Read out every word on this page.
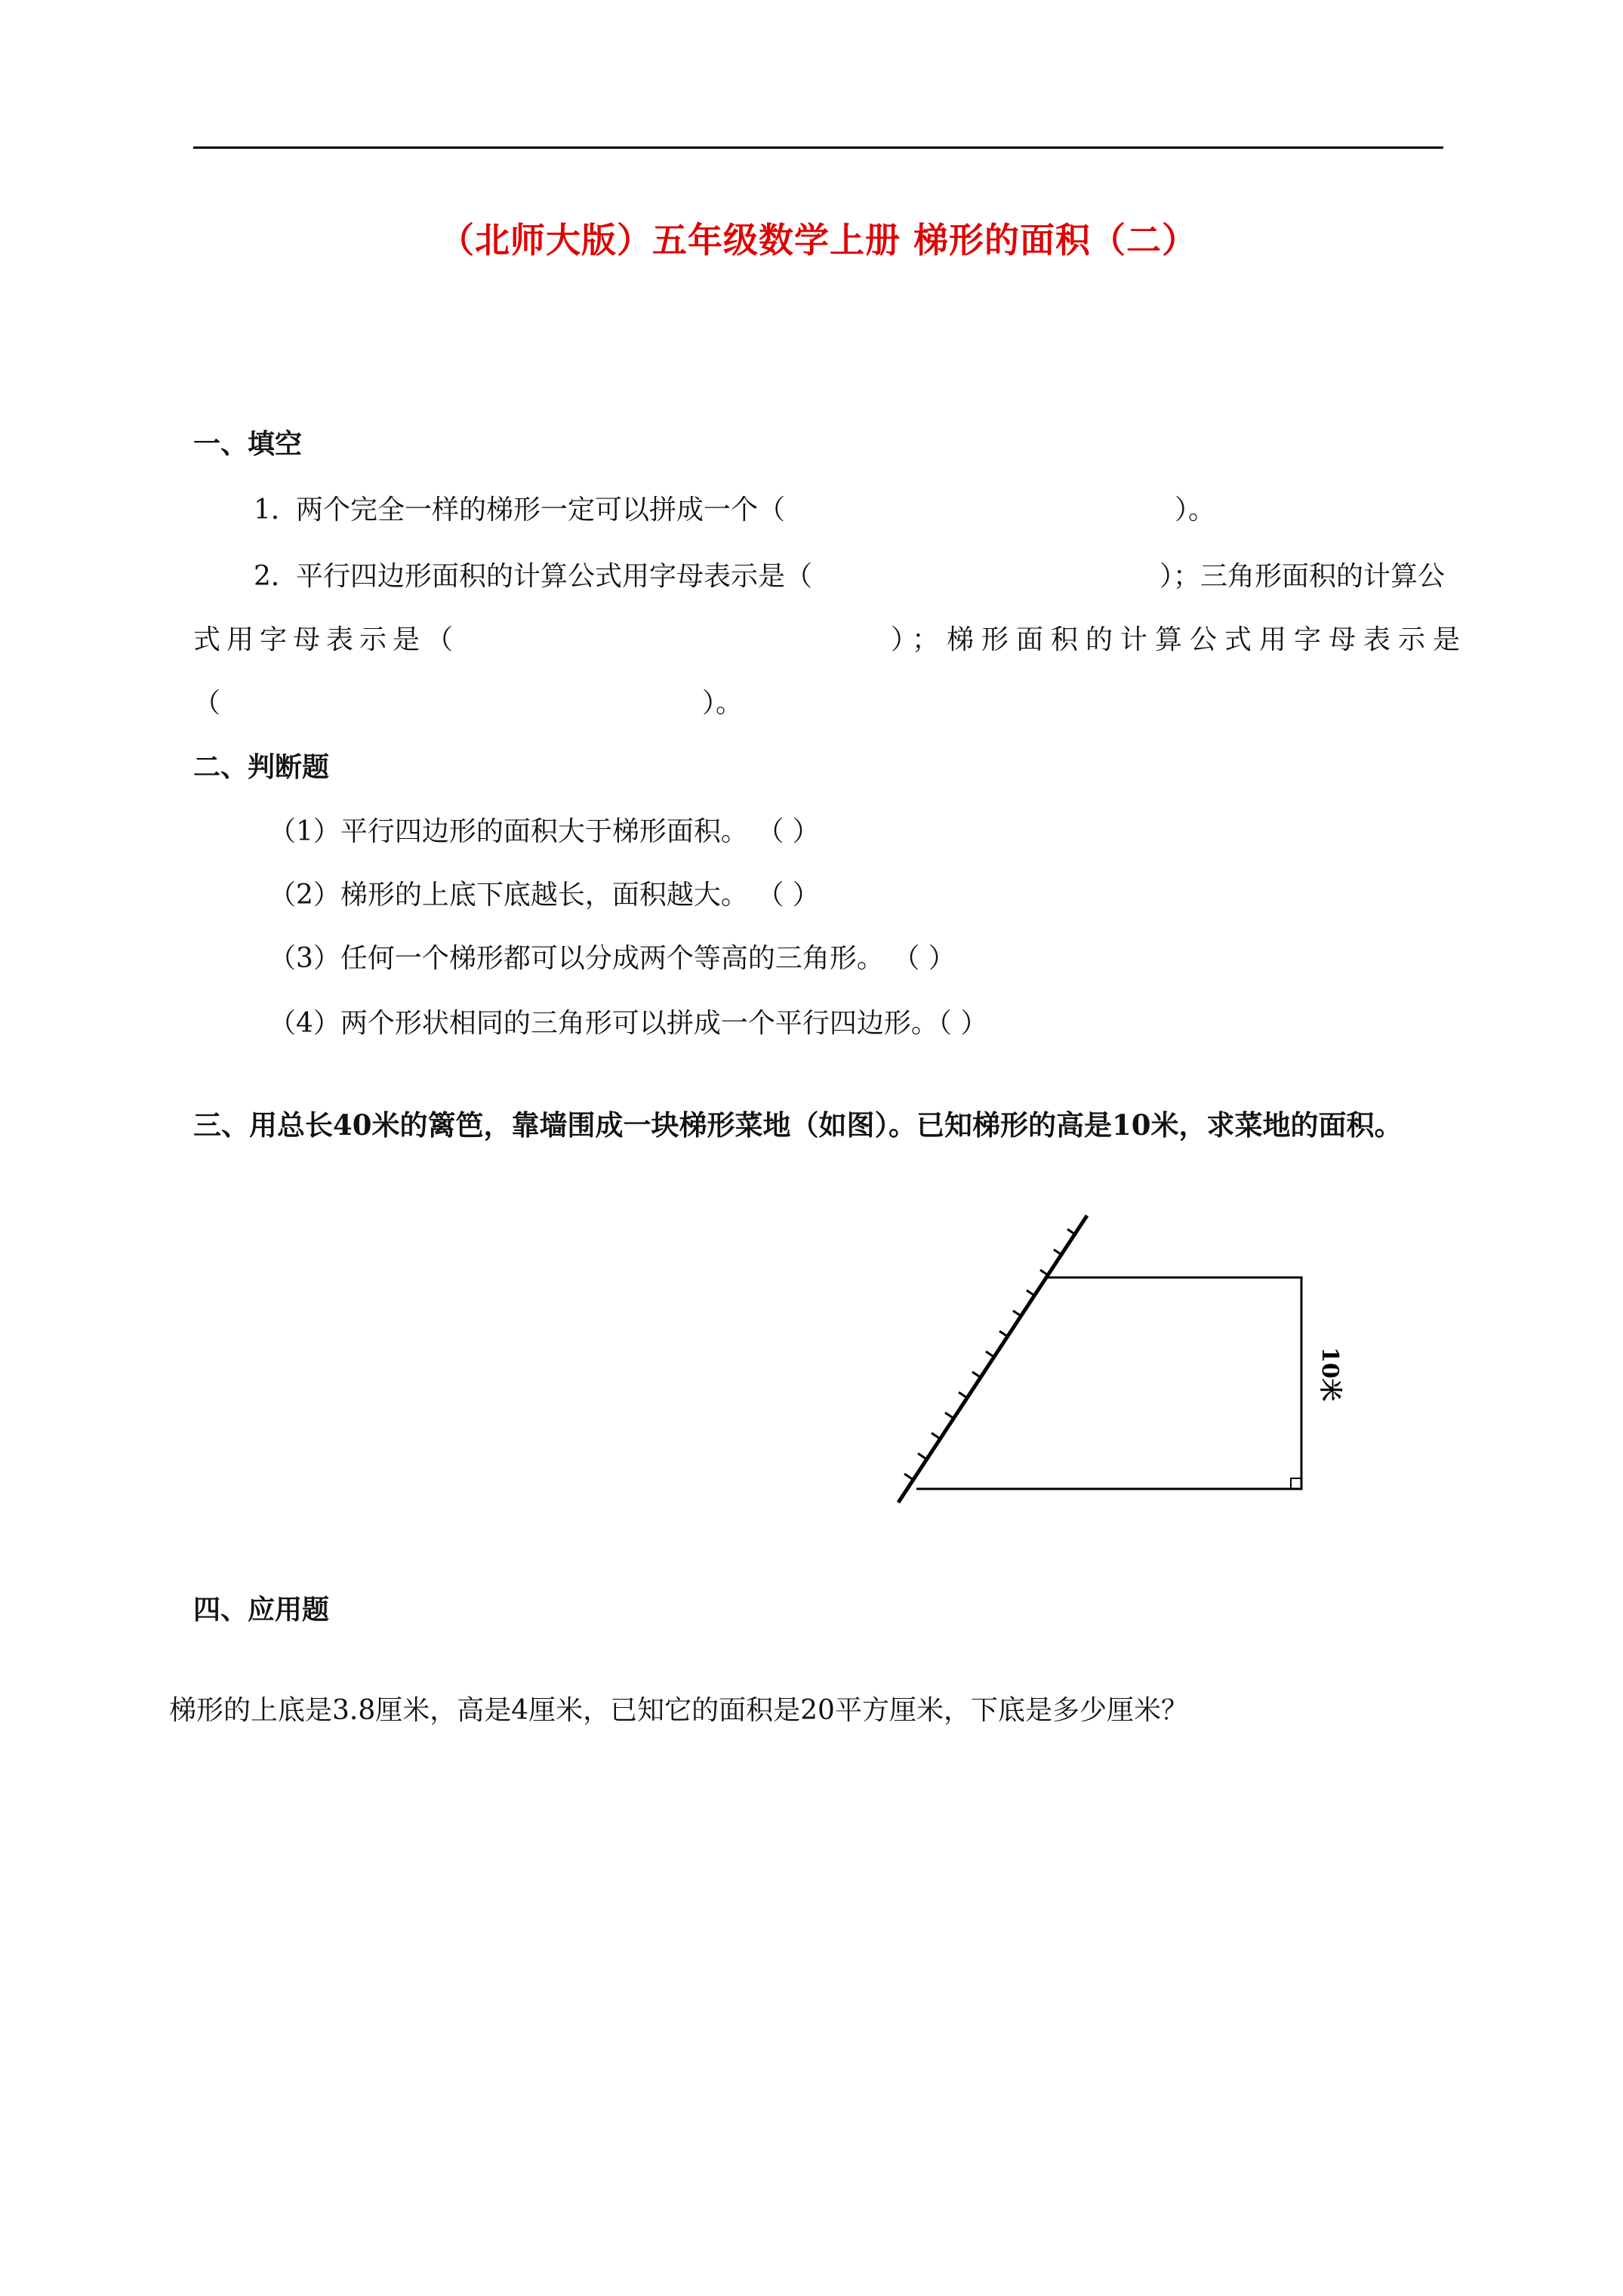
（北师大版）五年级数学上册 梯形的面积（二）
一、填空
1．
两个完全一样的梯形一定可以拼成一个（	）。
2．
平行四边形面积的计算公式用字母表示是（	）；三角形面积的计算公
式用字母表示是（	）；梯形面积的计算公式用字母表示是
（	）。
二、判断题
（1）平行四边形的面积大于梯形面积。 （ ）
（2）梯形的上底下底越长，面积越大。 （ ）
（3）任何一个梯形都可以分成两个等高的三角形。 （ ）
（4）两个形状相同的三角形可以拼成一个平行四边形。（ ）
三、用总长40米的篱笆，靠墙围成一块梯形菜地（如图）。已知梯形的高是10米，求菜地的面积。
10米
四、应用题
梯形的上底是3.8厘米，高是4厘米，已知它的面积是20平方厘米，下底是多少厘米？
